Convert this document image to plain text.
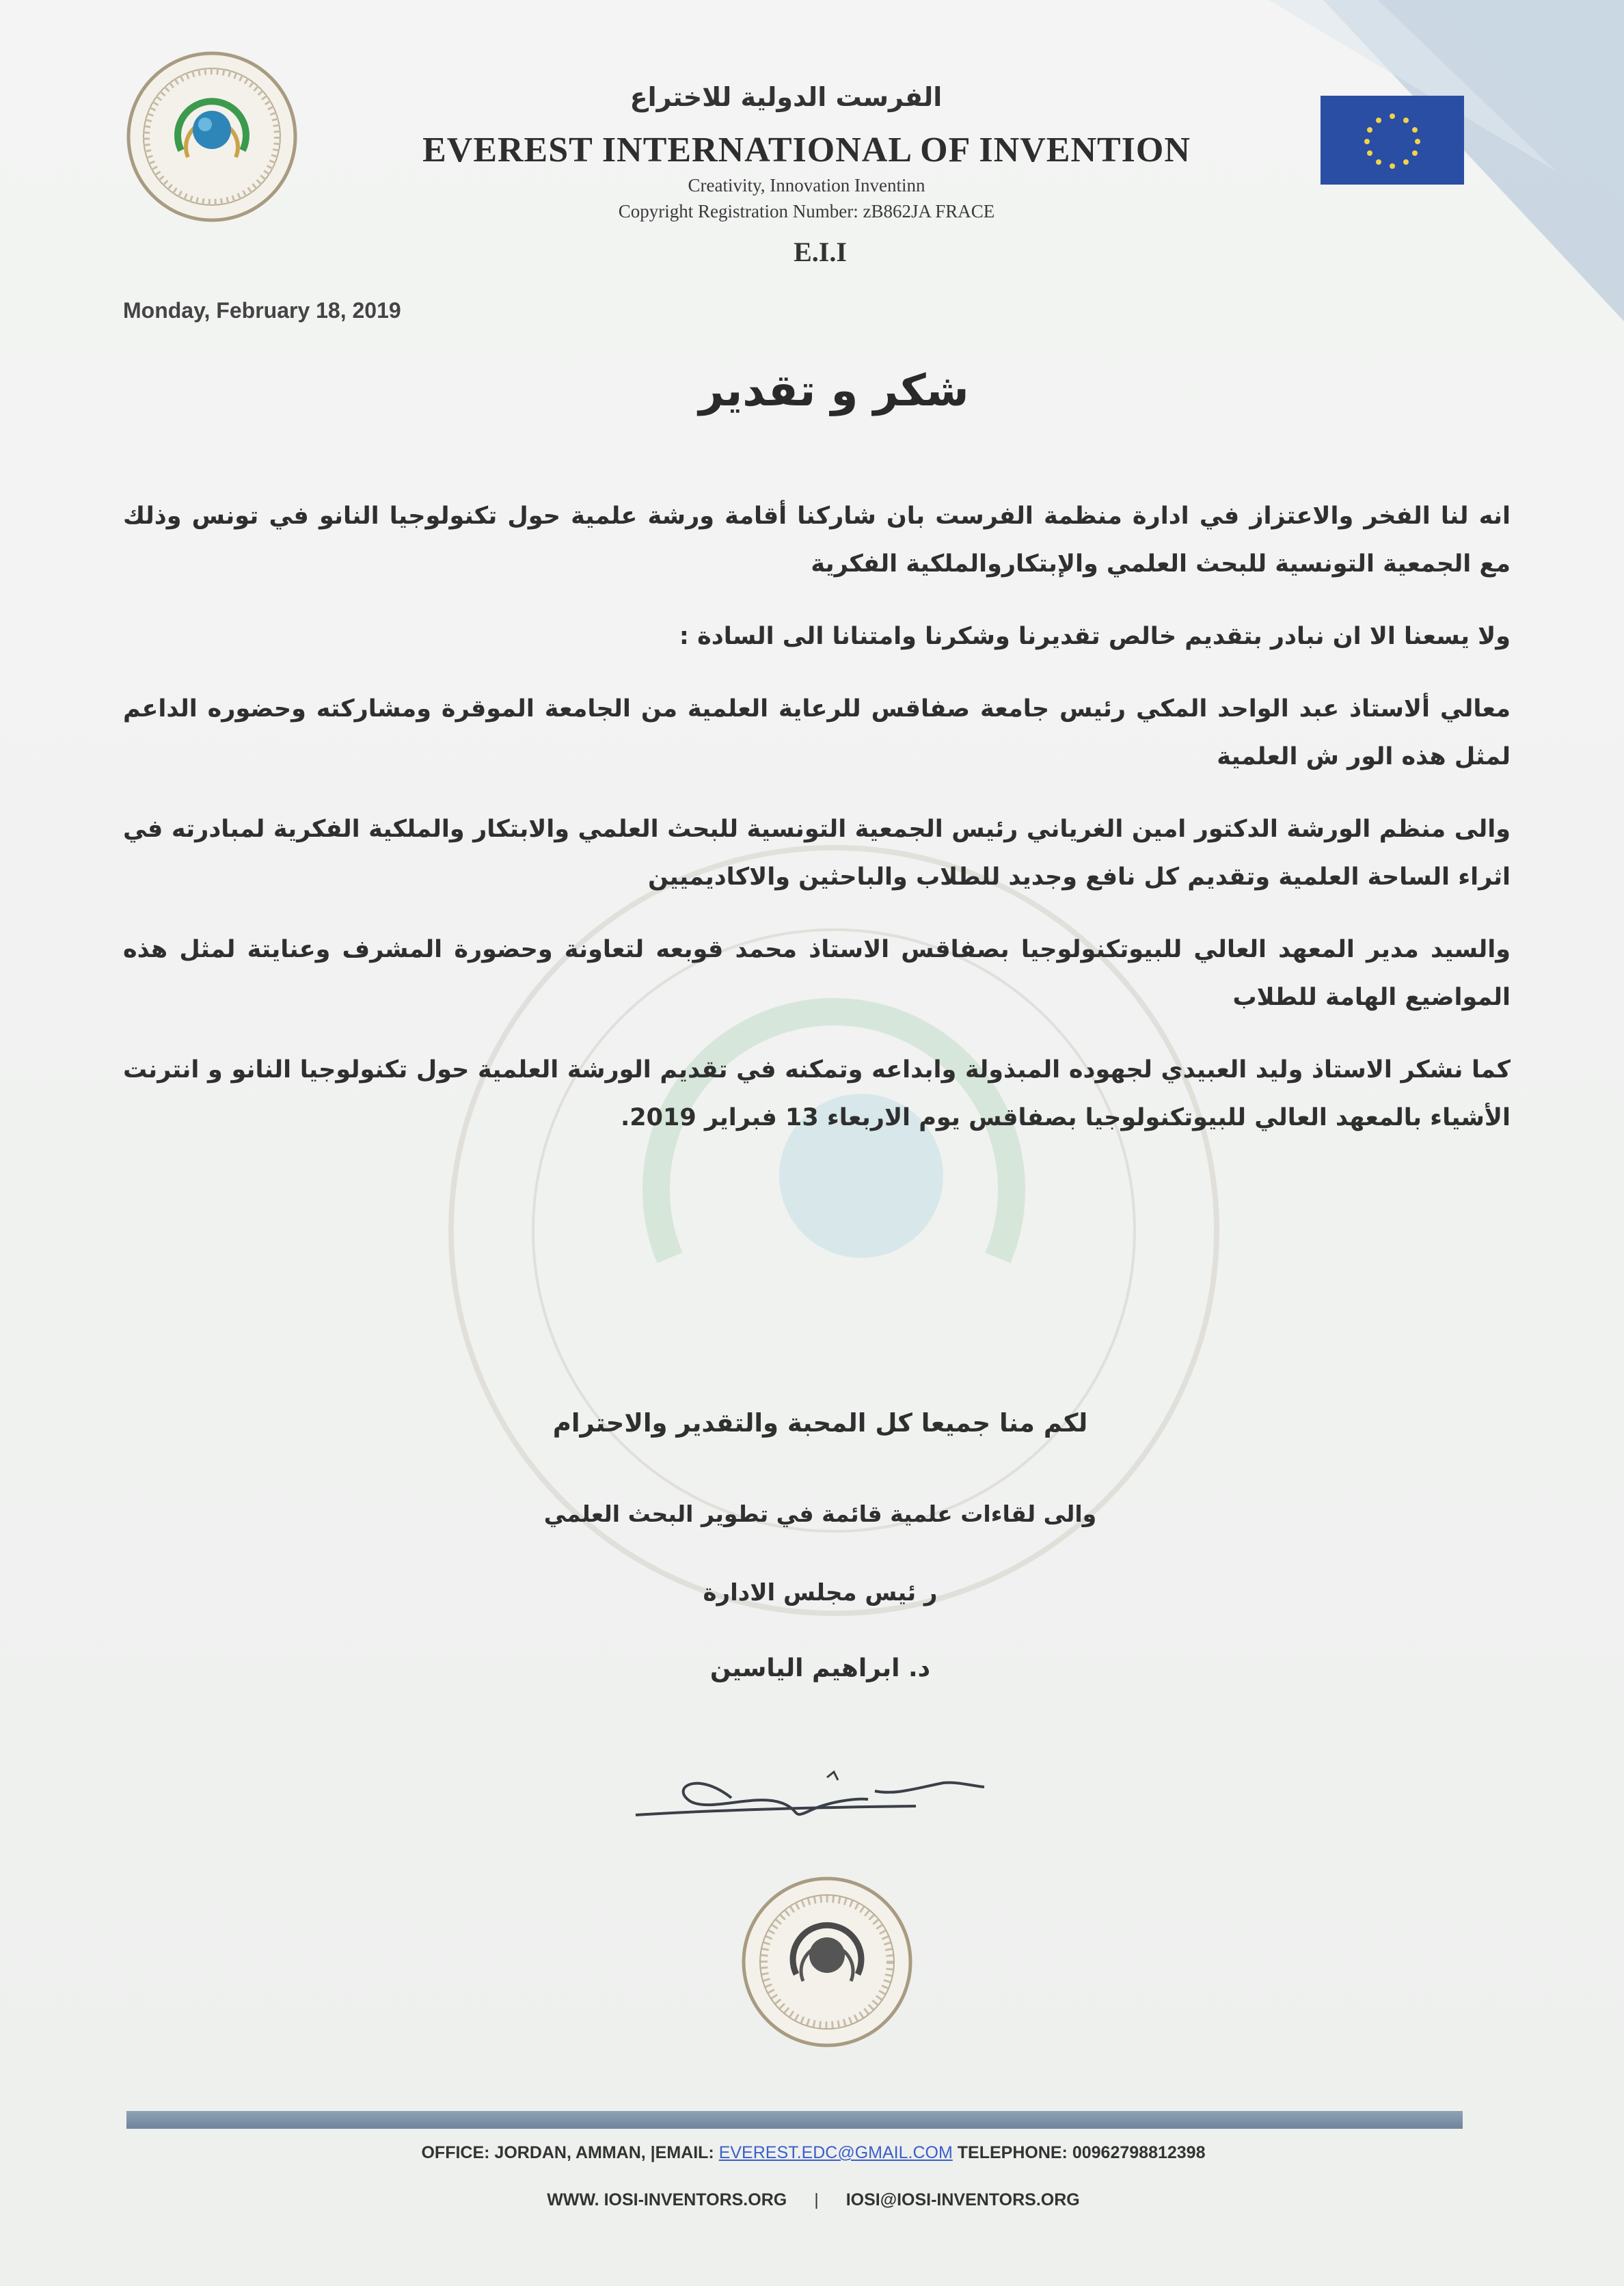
الفرست الدولية للاختراع
EVEREST INTERNATIONAL OF INVENTION
Creativity, Innovation Inventinn
Copyright Registration Number: zB862JA FRACE
E.I.I
Monday, February 18, 2019
شكر و تقدير

انه لنا الفخر والاعتزاز في ادارة منظمة الفرست بان شاركنا أقامة ورشة علمية حول تكنولوجيا النانو في تونس وذلك مع الجمعية التونسية للبحث العلمي والإبتكاروالملكية الفكرية

ولا يسعنا الا ان نبادر بتقديم خالص تقديرنا وشكرنا وامتنانا الى السادة :

معالي ألاستاذ عبد الواحد المكي رئيس جامعة صفاقس للرعاية العلمية من الجامعة الموقرة ومشاركته وحضوره الداعم لمثل هذه الور ش العلمية

والى منظم الورشة الدكتور امين الغرياني رئيس الجمعية التونسية للبحث العلمي والابتكار والملكية الفكرية لمبادرته في اثراء الساحة العلمية وتقديم كل نافع وجديد للطلاب والباحثين والاكاديميين

والسيد مدير المعهد العالي للبيوتكنولوجيا بصفاقس الاستاذ محمد قوبعه لتعاونة وحضورة المشرف وعنايتة لمثل هذه المواضيع الهامة للطلاب

كما نشكر الاستاذ وليد العبيدي لجهوده المبذولة وابداعه وتمكنه في تقديم الورشة العلمية حول تكنولوجيا النانو و انترنت الأشياء بالمعهد العالي للبيوتكنولوجيا بصفاقس يوم الاربعاء 13 فبراير 2019.

لكم منا جميعا كل المحبة والتقدير والاحترام
والى لقاءات علمية قائمة في تطوير البحث العلمي
ر ئيس مجلس الادارة
د. ابراهيم الياسين
OFFICE: JORDAN, AMMAN, |EMAIL: EVEREST.EDC@GMAIL.COM TELEPHONE: 00962798812398
WWW. IOSI-INVENTORS.ORG | IOSI@IOSI-INVENTORS.ORG
